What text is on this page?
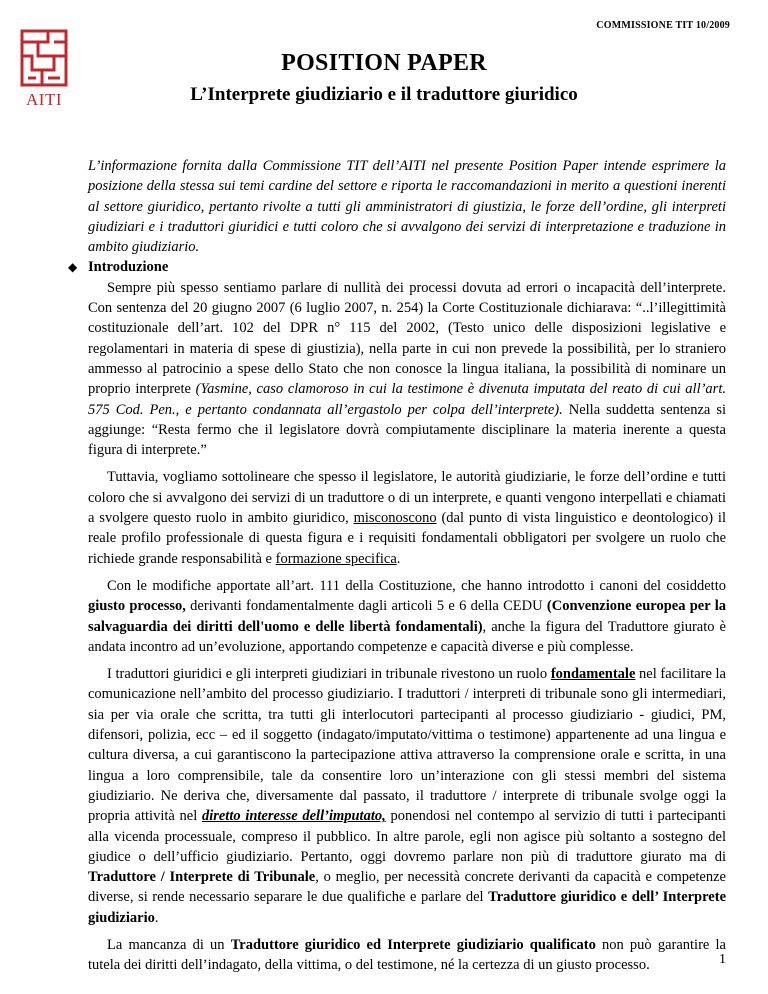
COMMISSIONE TIT 10/2009
AITI
POSITION PAPER
L’Interprete giudiziario e il traduttore giuridico

L’informazione fornita dalla Commissione TIT dell’AITI nel presente Position Paper intende esprimere la posizione della stessa sui temi cardine del settore e riporta le raccomandazioni in merito a questioni inerenti al settore giuridico, pertanto rivolte a tutti gli amministratori di giustizia, le forze dell’ordine, gli interpreti giudiziari e i traduttori giuridici e tutti coloro che si avvalgono dei servizi di interpretazione e traduzione in ambito giudiziario.

◆ Introduzione

Sempre più spesso sentiamo parlare di nullità dei processi dovuta ad errori o incapacità dell’interprete. Con sentenza del 20 giugno 2007 (6 luglio 2007, n. 254) la Corte Costituzionale dichiarava: “..l’illegittimità costituzionale dell’art. 102 del DPR n° 115 del 2002, (Testo unico delle disposizioni legislative e regolamentari in materia di spese di giustizia), nella parte in cui non prevede la possibilità, per lo straniero ammesso al patrocinio a spese dello Stato che non conosce la lingua italiana, la possibilità di nominare un proprio interprete (Yasmine, caso clamoroso in cui la testimone è divenuta imputata del reato di cui all’art. 575 Cod. Pen., e pertanto condannata all’ergastolo per colpa dell’interprete). Nella suddetta sentenza si aggiunge: “Resta fermo che il legislatore dovrà compiutamente disciplinare la materia inerente a questa figura di interprete.”

Tuttavia, vogliamo sottolineare che spesso il legislatore, le autorità giudiziarie, le forze dell’ordine e tutti coloro che si avvalgono dei servizi di un traduttore o di un interprete, e quanti vengono interpellati e chiamati a svolgere questo ruolo in ambito giuridico, misconoscono (dal punto di vista linguistico e deontologico) il reale profilo professionale di questa figura e i requisiti fondamentali obbligatori per svolgere un ruolo che richiede grande responsabilità e formazione specifica.

Con le modifiche apportate all’art. 111 della Costituzione, che hanno introdotto i canoni del cosiddetto giusto processo, derivanti fondamentalmente dagli articoli 5 e 6 della CEDU (Convenzione europea per la salvaguardia dei diritti dell'uomo e delle libertà fondamentali), anche la figura del Traduttore giurato è andata incontro ad un’evoluzione, apportando competenze e capacità diverse e più complesse.

I traduttori giuridici e gli interpreti giudiziari in tribunale rivestono un ruolo fondamentale nel facilitare la comunicazione nell’ambito del processo giudiziario. I traduttori / interpreti di tribunale sono gli intermediari, sia per via orale che scritta, tra tutti gli interlocutori partecipanti al processo giudiziario - giudici, PM, difensori, polizia, ecc – ed il soggetto (indagato/imputato/vittima o testimone) appartenente ad una lingua e cultura diversa, a cui garantiscono la partecipazione attiva attraverso la comprensione orale e scritta, in una lingua a loro comprensibile, tale da consentire loro un’interazione con gli stessi membri del sistema giudiziario. Ne deriva che, diversamente dal passato, il traduttore / interprete di tribunale svolge oggi la propria attività nel diretto interesse dell’imputato, ponendosi nel contempo al servizio di tutti i partecipanti alla vicenda processuale, compreso il pubblico. In altre parole, egli non agisce più soltanto a sostegno del giudice o dell’ufficio giudiziario. Pertanto, oggi dovremo parlare non più di traduttore giurato ma di Traduttore / Interprete di Tribunale, o meglio, per necessità concrete derivanti da capacità e competenze diverse, si rende necessario separare le due qualifiche e parlare del Traduttore giuridico e dell’ Interprete giudiziario.

La mancanza di un Traduttore giuridico ed Interprete giudiziario qualificato non può garantire la tutela dei diritti dell’indagato, della vittima, o del testimone, né la certezza di un giusto processo.	1
